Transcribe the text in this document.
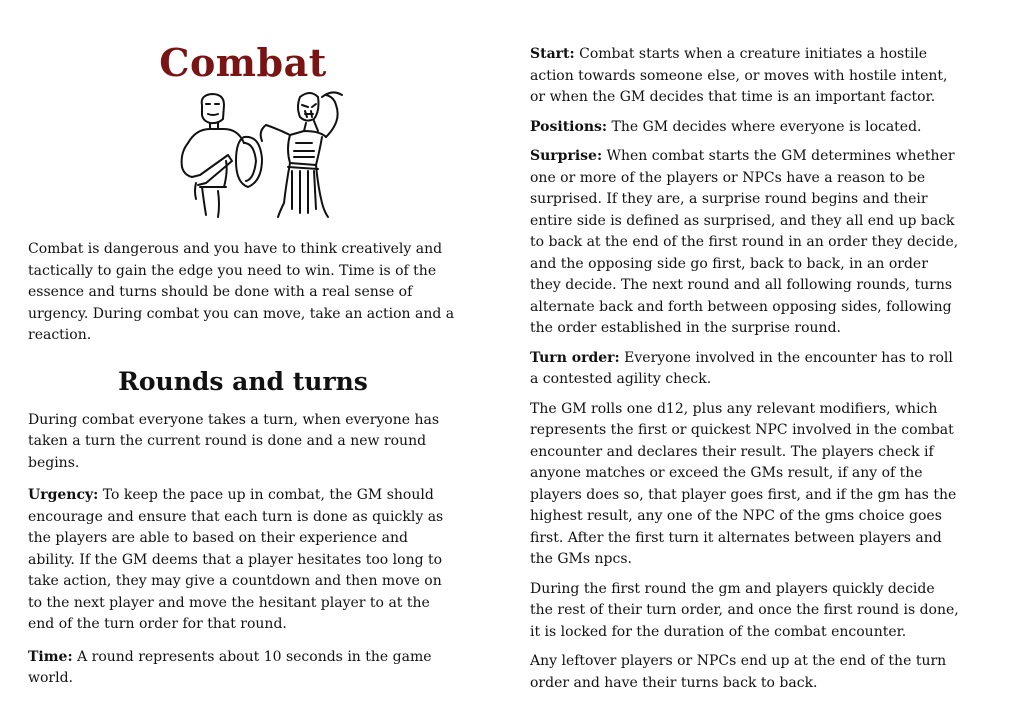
Combat

Combat is dangerous and you have to think creatively and tactically to gain the edge you need to win. Time is of the essence and turns should be done with a real sense of urgency. During combat you can move, take an action and a reaction.

Rounds and turns

During combat everyone takes a turn, when everyone has taken a turn the current round is done and a new round begins.

Urgency: To keep the pace up in combat, the GM should encourage and ensure that each turn is done as quickly as the players are able to based on their experience and ability. If the GM deems that a player hesitates too long to take action, they may give a countdown and then move on to the next player and move the hesitant player to at the end of the turn order for that round.

Time: A round represents about 10 seconds in the game world.

Start: Combat starts when a creature initiates a hostile action towards someone else, or moves with hostile intent, or when the GM decides that time is an important factor.

Positions: The GM decides where everyone is located.

Surprise: When combat starts the GM determines whether one or more of the players or NPCs have a reason to be surprised. If they are, a surprise round begins and their entire side is defined as surprised, and they all end up back to back at the end of the first round in an order they decide, and the opposing side go first, back to back, in an order they decide. The next round and all following rounds, turns alternate back and forth between opposing sides, following the order established in the surprise round.

Turn order: Everyone involved in the encounter has to roll a contested agility check.

The GM rolls one d12, plus any relevant modifiers, which represents the first or quickest NPC involved in the combat encounter and declares their result. The players check if anyone matches or exceed the GMs result, if any of the players does so, that player goes first, and if the gm has the highest result, any one of the NPC of the gms choice goes first. After the first turn it alternates between players and the GMs npcs.

During the first round the gm and players quickly decide the rest of their turn order, and once the first round is done, it is locked for the duration of the combat encounter.

Any leftover players or NPCs end up at the end of the turn order and have their turns back to back.
